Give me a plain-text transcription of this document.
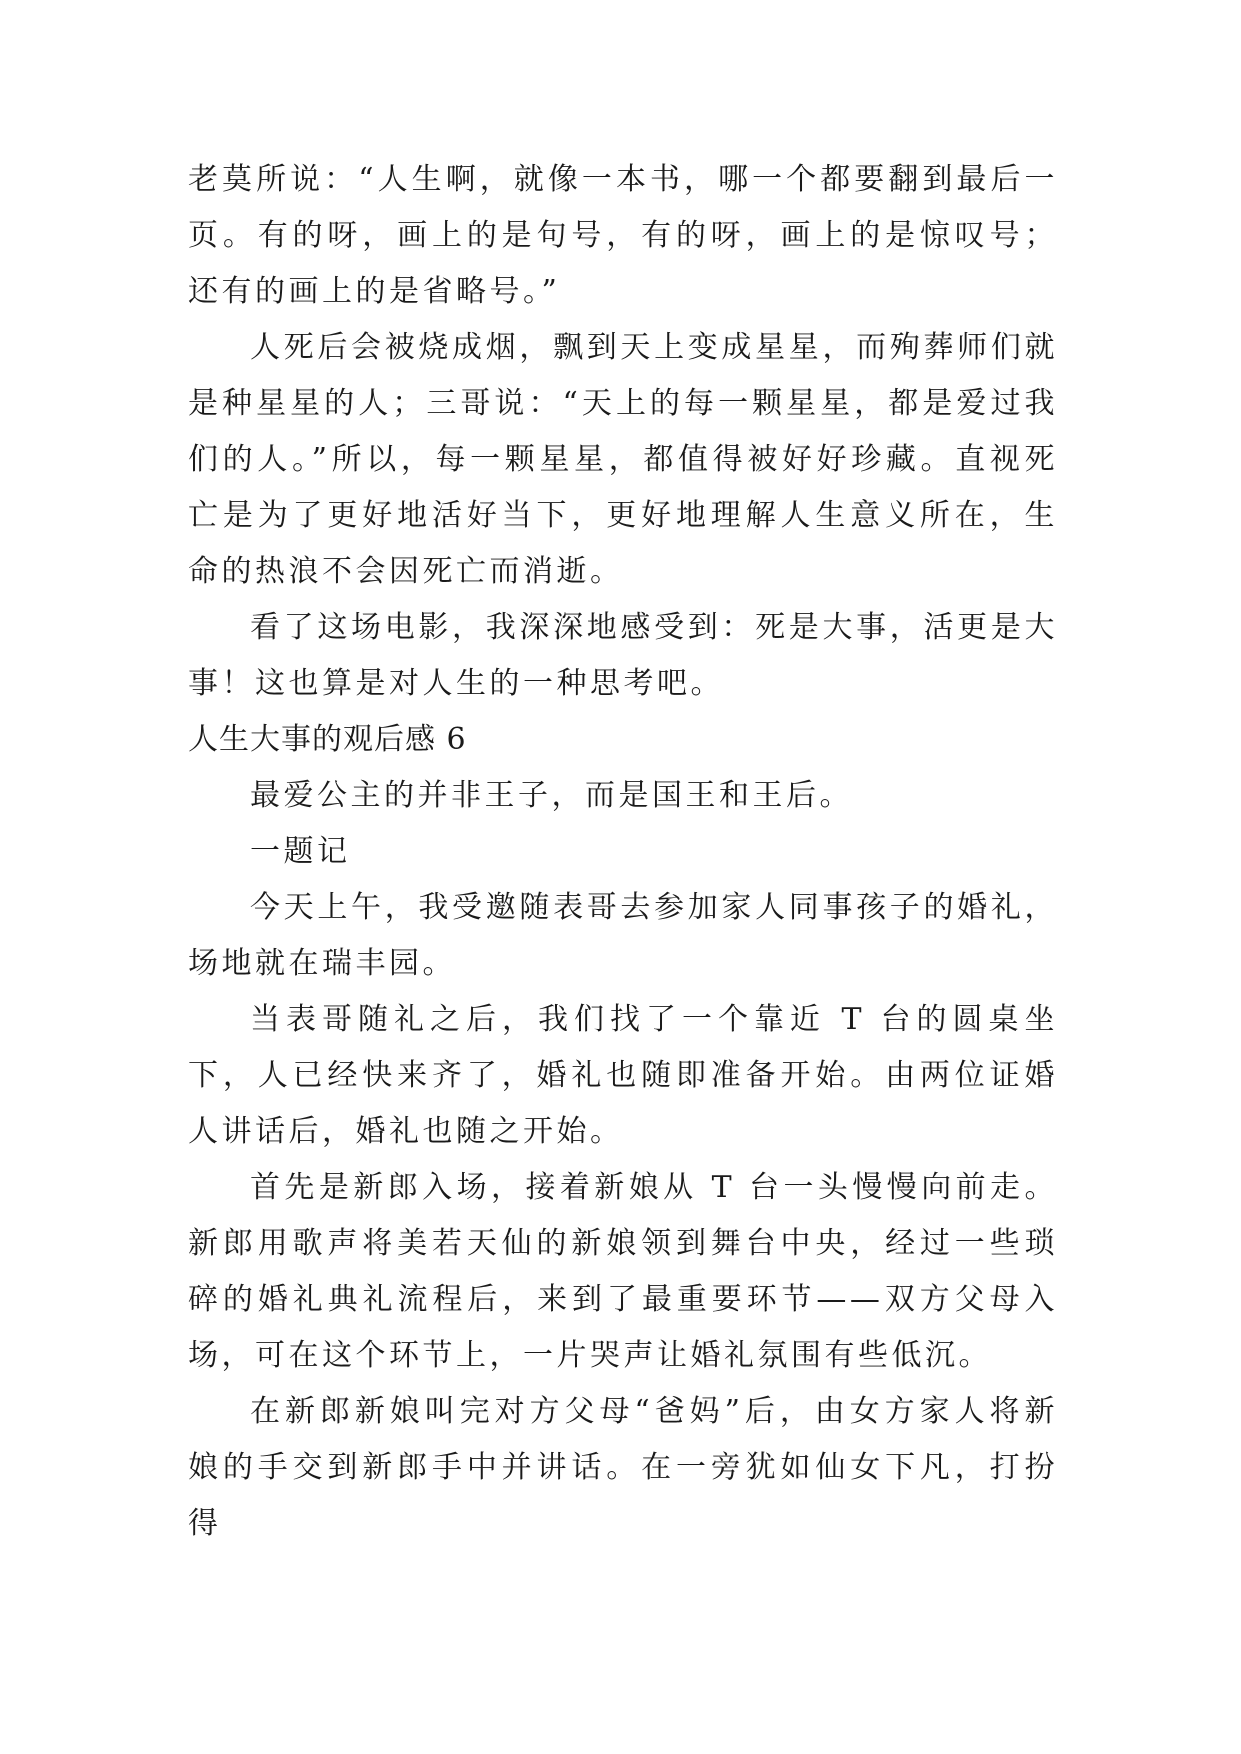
老莫所说：“人生啊，就像一本书，哪一个都要翻到最后一页。有的呀，画上的是句号，有的呀，画上的是惊叹号；还有的画上的是省略号。”

人死后会被烧成烟，飘到天上变成星星，而殉葬师们就是种星星的人；三哥说：“天上的每一颗星星，都是爱过我们的人。”所以，每一颗星星，都值得被好好珍藏。直视死亡是为了更好地活好当下，更好地理解人生意义所在，生命的热浪不会因死亡而消逝。

看了这场电影，我深深地感受到：死是大事，活更是大事！这也算是对人生的一种思考吧。

人生大事的观后感 6

最爱公主的并非王子，而是国王和王后。

一题记

今天上午，我受邀随表哥去参加家人同事孩子的婚礼，场地就在瑞丰园。

当表哥随礼之后，我们找了一个靠近 T 台的圆桌坐下，人已经快来齐了，婚礼也随即准备开始。由两位证婚人讲话后，婚礼也随之开始。

首先是新郎入场，接着新娘从 T 台一头慢慢向前走。新郎用歌声将美若天仙的新娘领到舞台中央，经过一些琐碎的婚礼典礼流程后，来到了最重要环节——双方父母入场，可在这个环节上，一片哭声让婚礼氛围有些低沉。

在新郎新娘叫完对方父母“爸妈”后，由女方家人将新娘的手交到新郎手中并讲话。在一旁犹如仙女下凡，打扮得
